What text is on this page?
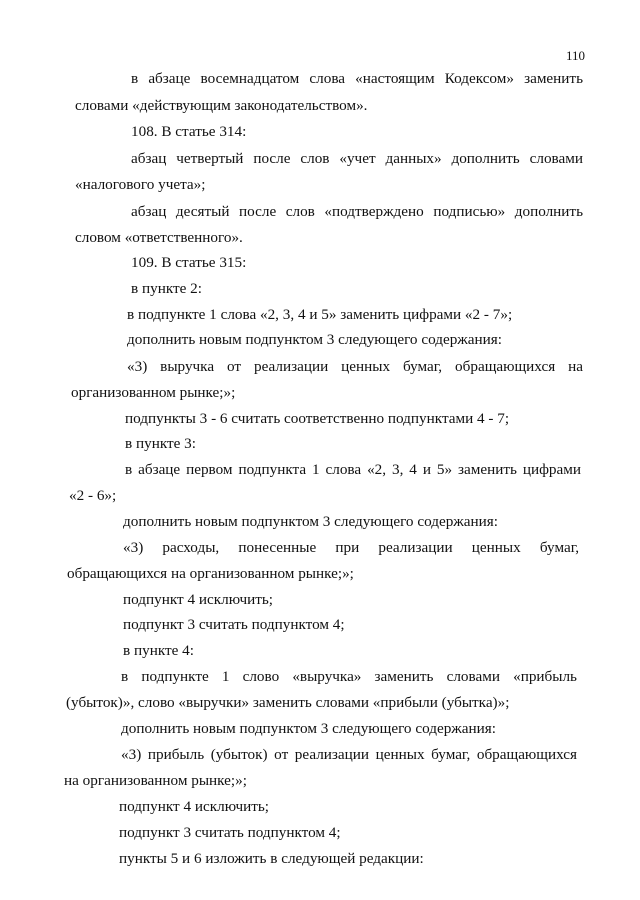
110
в абзаце восемнадцатом слова «настоящим Кодексом» заменить
словами «действующим законодательством».
108. В статье 314:
абзац четвертый после слов «учет данных» дополнить словами
«налогового учета»;
абзац десятый после слов «подтверждено подписью» дополнить
словом «ответственного».
109. В статье 315:
в пункте 2:
в подпункте 1 слова «2, 3, 4 и 5» заменить цифрами «2 - 7»;
дополнить новым подпунктом 3 следующего содержания:
«3) выручка от реализации ценных бумаг, обращающихся на
организованном рынке;»;
подпункты 3 - 6 считать соответственно подпунктами 4 - 7;
в пункте 3:
в абзаце первом подпункта 1 слова «2, 3, 4 и 5» заменить цифрами
«2 - 6»;
дополнить новым подпунктом 3 следующего содержания:
«3) расходы, понесенные при реализации ценных бумаг,
обращающихся на организованном рынке;»;
подпункт 4 исключить;
подпункт 3 считать подпунктом 4;
в пункте 4:
в подпункте 1 слово «выручка» заменить словами «прибыль
(убыток)», слово «выручки» заменить словами «прибыли (убытка)»;
дополнить новым подпунктом 3 следующего содержания:
«3) прибыль (убыток) от реализации ценных бумаг, обращающихся
на организованном рынке;»;
подпункт 4 исключить;
подпункт 3 считать подпунктом 4;
пункты 5 и 6 изложить в следующей редакции:
